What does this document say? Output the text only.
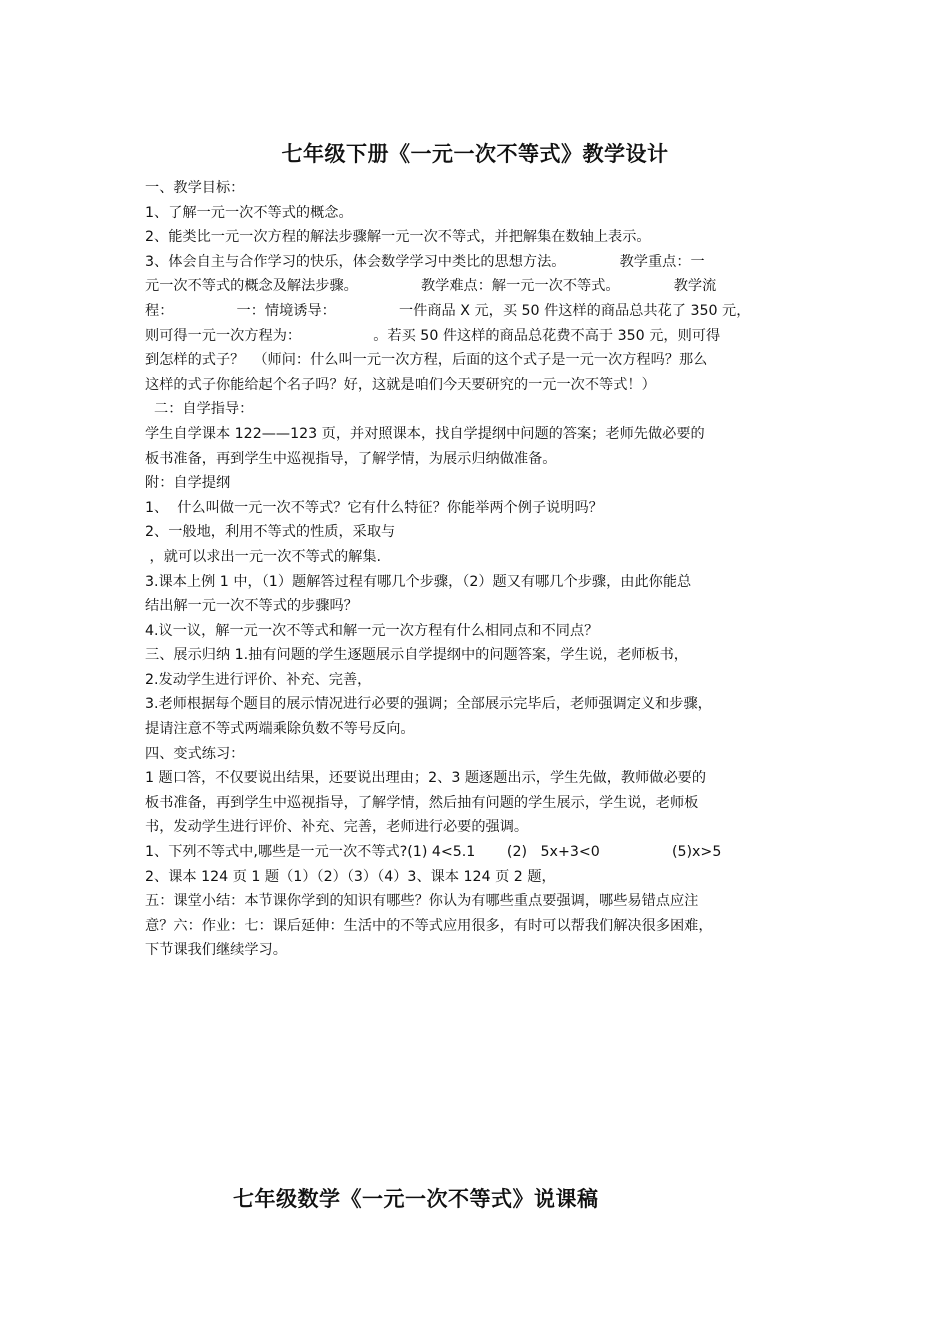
七年级下册《一元一次不等式》教学设计
一、教学目标：
1、了解一元一次不等式的概念。
2、能类比一元一次方程的解法步骤解一元一次不等式，并把解集在数轴上表示。
3、体会自主与合作学习的快乐，体会数学学习中类比的思想方法。            教学重点：一
元一次不等式的概念及解法步骤。              教学难点：解一元一次不等式。            教学流
程：              一：情境诱导：              一件商品 X 元，买 50 件这样的商品总共花了 350 元，
则可得一元一次方程为：                。若买 50 件这样的商品总花费不高于 350 元，则可得
到怎样的式子？  （师问：什么叫一元一次方程，后面的这个式子是一元一次方程吗？那么
这样的式子你能给起个名子吗？好，这就是咱们今天要研究的一元一次不等式！）
二：自学指导：
学生自学课本 122——123 页，并对照课本，找自学提纲中问题的答案；老师先做必要的
板书准备，再到学生中巡视指导，了解学情，为展示归纳做准备。
附：自学提纲
1、  什么叫做一元一次不等式？它有什么特征？你能举两个例子说明吗？
2、一般地，利用不等式的性质，采取与
，就可以求出一元一次不等式的解集.
3.课本上例 1 中，（1）题解答过程有哪几个步骤，（2）题又有哪几个步骤，由此你能总
结出解一元一次不等式的步骤吗？
4.议一议，解一元一次不等式和解一元一次方程有什么相同点和不同点？
三、展示归纳 1.抽有问题的学生逐题展示自学提纲中的问题答案，学生说，老师板书，
2.发动学生进行评价、补充、完善，
3.老师根据每个题目的展示情况进行必要的强调；全部展示完毕后，老师强调定义和步骤，
提请注意不等式两端乘除负数不等号反向。
四、变式练习：
1 题口答，不仅要说出结果，还要说出理由；2、3 题逐题出示，学生先做，教师做必要的
板书准备，再到学生中巡视指导，了解学情，然后抽有问题的学生展示，学生说，老师板
书，发动学生进行评价、补充、完善，老师进行必要的强调。
1、下列不等式中,哪些是一元一次不等式?(1) 4<5.1       (2)   5x+3<0                (5)x>5
2、课本 124 页 1 题（1）（2）（3）（4）3、课本 124 页 2 题，
五：课堂小结：本节课你学到的知识有哪些？你认为有哪些重点要强调，哪些易错点应注
意？六：作业：七：课后延伸：生活中的不等式应用很多，有时可以帮我们解决很多困难，
下节课我们继续学习。
七年级数学《一元一次不等式》说课稿
